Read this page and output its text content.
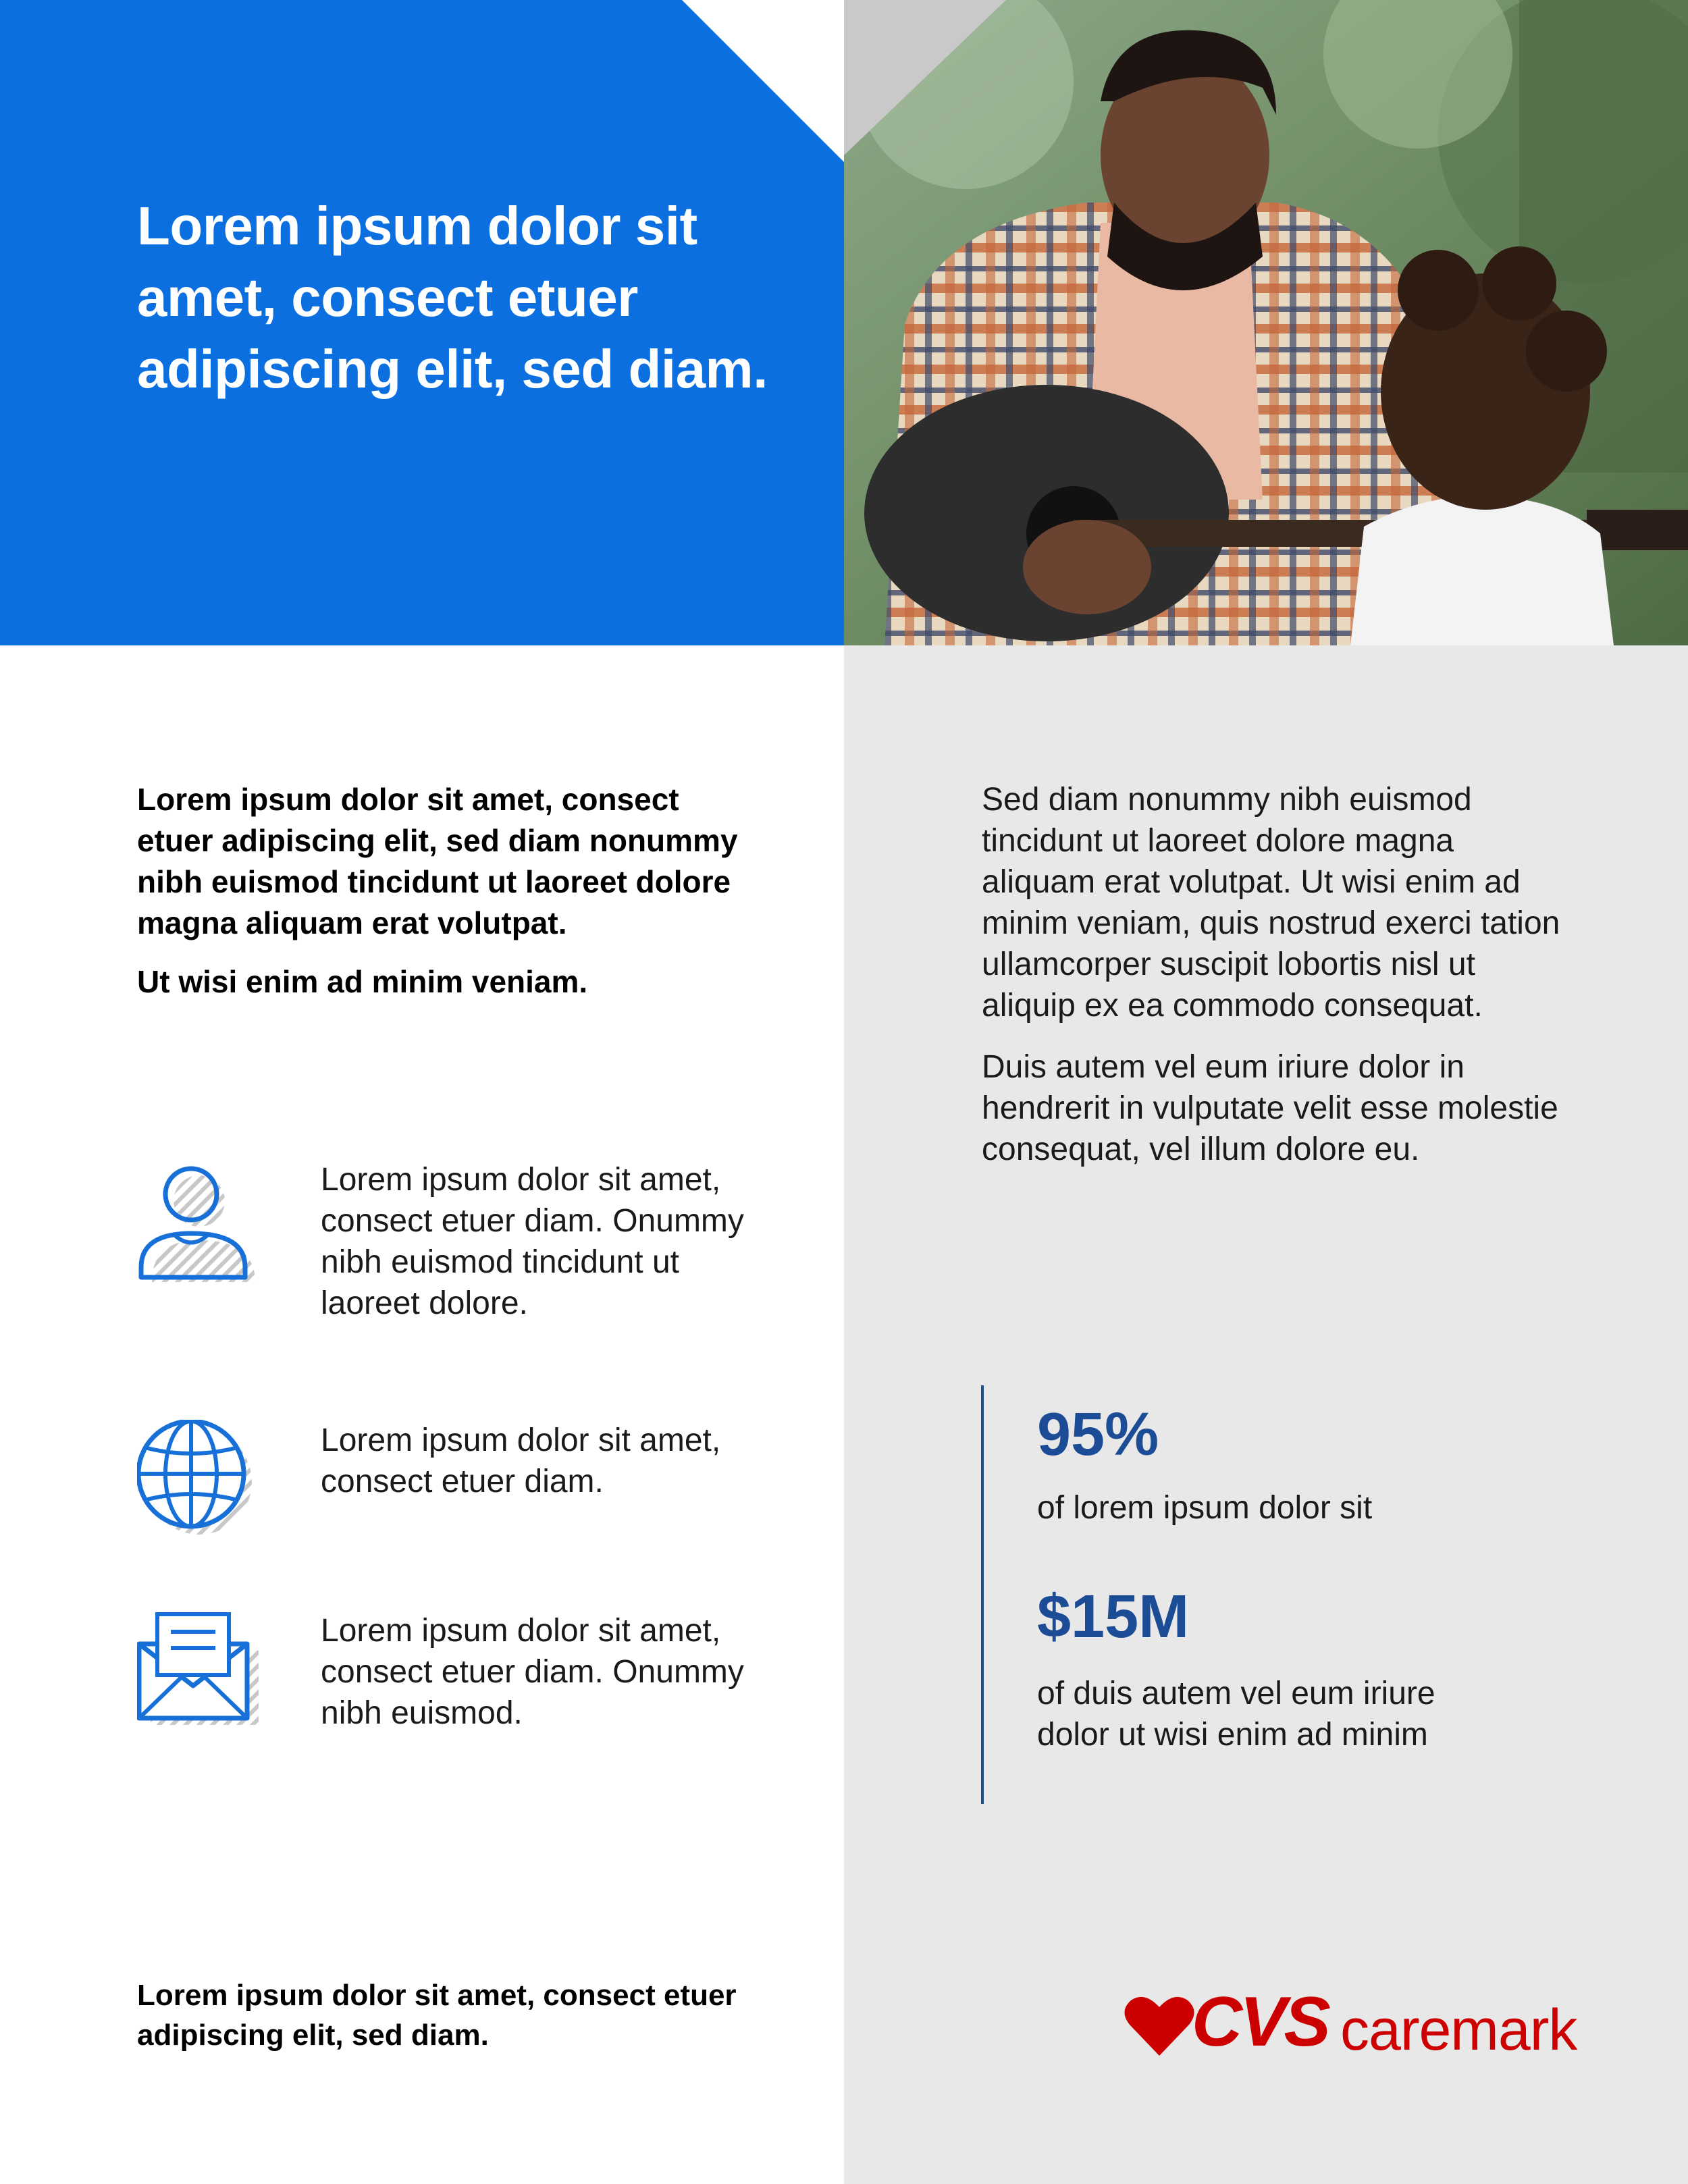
Lorem ipsum dolor sit amet, consect etuer adipiscing elit, sed diam.

Lorem ipsum dolor sit amet, consect etuer adipiscing elit, sed diam nonummy nibh euismod tincidunt ut laoreet dolore magna aliquam erat volutpat.

Ut wisi enim ad minim veniam.

Lorem ipsum dolor sit amet, consect etuer diam. Onummy nibh euismod tincidunt ut laoreet dolore.
Lorem ipsum dolor sit amet, consect etuer diam.
Lorem ipsum dolor sit amet, consect etuer diam. Onummy nibh euismod.

Sed diam nonummy nibh euismod tincidunt ut laoreet dolore magna aliquam erat volutpat. Ut wisi enim ad minim veniam, quis nostrud exerci tation ullamcorper suscipit lobortis nisl ut aliquip ex ea commodo consequat.

Duis autem vel eum iriure dolor in hendrerit in vulputate velit esse molestie consequat, vel illum dolore eu.

95%
of lorem ipsum dolor sit
$15M
of duis autem vel eum iriure dolor ut wisi enim ad minim
Lorem ipsum dolor sit amet, consect etuer adipiscing elit, sed diam.	CVS caremark
